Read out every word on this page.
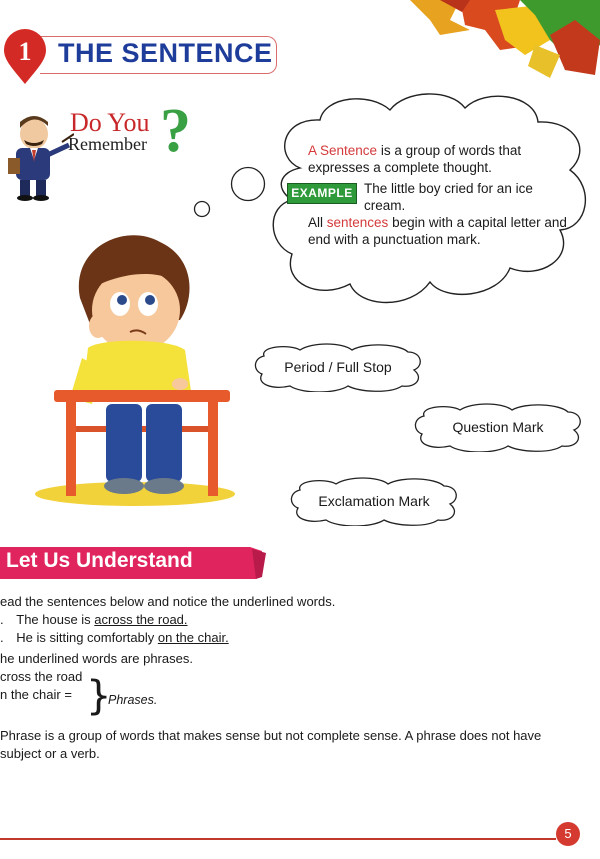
1 THE SENTENCE
Do You
Remember ?	A Sentence is a group of words that expresses a complete thought.
EXAMPLE The little boy cried for an ice cream.
All sentences begin with a capital letter and end with a punctuation mark.
Period / Full Stop
Question Mark
Exclamation Mark
Let Us Understand
ead the sentences below and notice the underlined words.
. The house is across the road.
. He is sitting comfortably on the chair.
he underlined words are phrases.
cross the road
n the chair = }
Phrases.
Phrase is a group of words that makes sense but not complete sense. A phrase does not have
subject or a verb.
5
